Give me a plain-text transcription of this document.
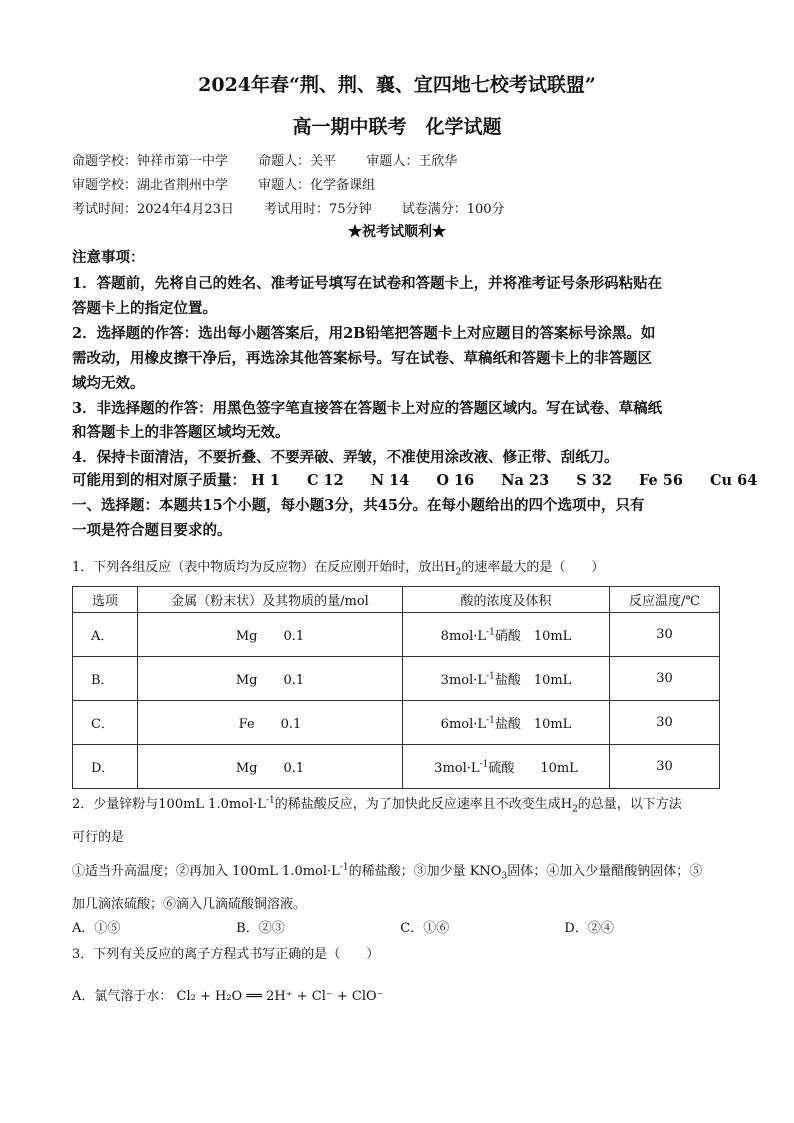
2024年春“荆、荆、襄、宜四地七校考试联盟”
高一期中联考　化学试题
命题学校：钟祥市第一中学 命题人：关平 审题人：王欣华
审题学校：湖北省荆州中学 审题人：化学备课组
考试时间：2024年4月23日 考试用时：75分钟 试卷满分：100分
★祝考试顺利★
注意事项：
1．答题前，先将自己的姓名、准考证号填写在试卷和答题卡上，并将准考证号条形码粘贴在
答题卡上的指定位置。
2．选择题的作答：选出每小题答案后，用2B铅笔把答题卡上对应题目的答案标号涂黑。如
需改动，用橡皮擦干净后，再选涂其他答案标号。写在试卷、草稿纸和答题卡上的非答题区
域均无效。
3．非选择题的作答：用黑色签字笔直接答在答题卡上对应的答题区域内。写在试卷、草稿纸
和答题卡上的非答题区域均无效。
4．保持卡面清洁，不要折叠、不要弄破、弄皱，不准使用涂改液、修正带、刮纸刀。
可能用到的相对原子质量： H 1 C 12 N 14 O 16 Na 23 S 32 Fe 56 Cu 64
一、选择题：本题共15个小题，每小题3分，共45分。在每小题给出的四个选项中，只有
一项是符合题目要求的。
1．下列各组反应（表中物质均为反应物）在反应刚开始时，放出$H_2$的速率最大的是（　　）
选项	金属（粉末状）及其物质的量/mol	酸的浓度及体积	反应温度/℃
A．	Mg　　0.1	$8mol\cdot L^{-1}$硝酸　10mL	30
B．	Mg　　0.1	$3mol\cdot L^{-1}$盐酸　10mL	30
C．	Fe　　0.1	$6mol\cdot L^{-1}$盐酸　10mL	30
D．	Mg　　0.1	$3mol\cdot L^{-1}$硫酸　　10mL	30
2．少量锌粉与100mL $1.0mol\cdot L^{-1}$的稀盐酸反应，为了加快此反应速率且不改变生成$H_2$的总量，以下方法
可行的是
①适当升高温度；②再加入 100mL $1.0mol\cdot L^{-1}$的稀盐酸；③加少量 $KNO_3$固体；④加入少量醋酸钠固体；⑤
加几滴浓硫酸；⑥滴入几滴硫酸铜溶液。
A．①⑤	B．②③	C．①⑥	D．②④
3．下列有关反应的离子方程式书写正确的是（　　）
A．氯气溶于水： Cl₂ + H₂O ══ 2H⁺ + Cl⁻ + ClO⁻
